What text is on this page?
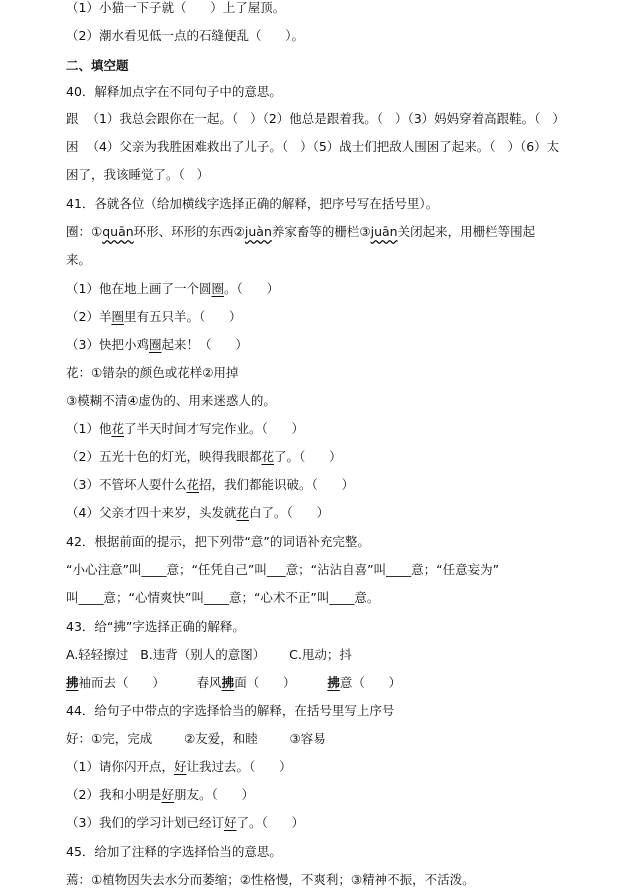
（1）小猫一下子就（      ）上了屋顶。
（2）潮水看见低一点的石缝便乱（      ）。
二、填空题
40．解释加点字在不同句子中的意思。
跟  （1）我总会跟你在一起。（   ）（2）他总是跟着我。（   ）（3）妈妈穿着高跟鞋。（   ）
困  （4）父亲为我胜困难救出了儿子。（   ）（5）战士们把敌人围困了起来。（   ）（6）太
困了，我该睡觉了。（   ）
41．各就各位（给加横线字选择正确的解释，把序号写在括号里）。
圈：①quān环形、环形的东西②juàn养家畜等的栅栏③juān关闭起来，用栅栏等围起
来。
（1）他在地上画了一个圆圈。（      ）
（2）羊圈里有五只羊。（      ）
（3）快把小鸡圈起来！（      ）
花：①错杂的颜色或花样②用掉
③模糊不清④虚伪的、用来迷惑人的。
（1）他花了半天时间才写完作业。（      ）
（2）五光十色的灯光，映得我眼都花了。（      ）
（3）不管坏人耍什么花招，我们都能识破。（      ）
（4）父亲才四十来岁，头发就花白了。（      ）
42．根据前面的提示，把下列带“意”的词语补充完整。
“小心注意”叫____意；“任凭自己”叫___意；“沾沾自喜”叫____意；“任意妄为”
叫____意；“心情爽快”叫____意；“心术不正”叫____意。
43．给“拂”字选择正确的解释。
A.轻轻擦过   B.违背（别人的意图）      C.甩动；抖
拂袖而去（      ）	春风拂面（      ）	拂意（      ）
44．给句子中带点的字选择恰当的解释，在括号里写上序号
好：①完，完成        ②友爱，和睦        ③容易
（1）请你闪开点，好让我过去。（      ）
（2）我和小明是好朋友。（      ）
（3）我们的学习计划已经订好了。（      ）
45．给加了注释的字选择恰当的意思。
蔫：①植物因失去水分而萎缩；②性格慢，不爽利；③精神不振，不活泼。
